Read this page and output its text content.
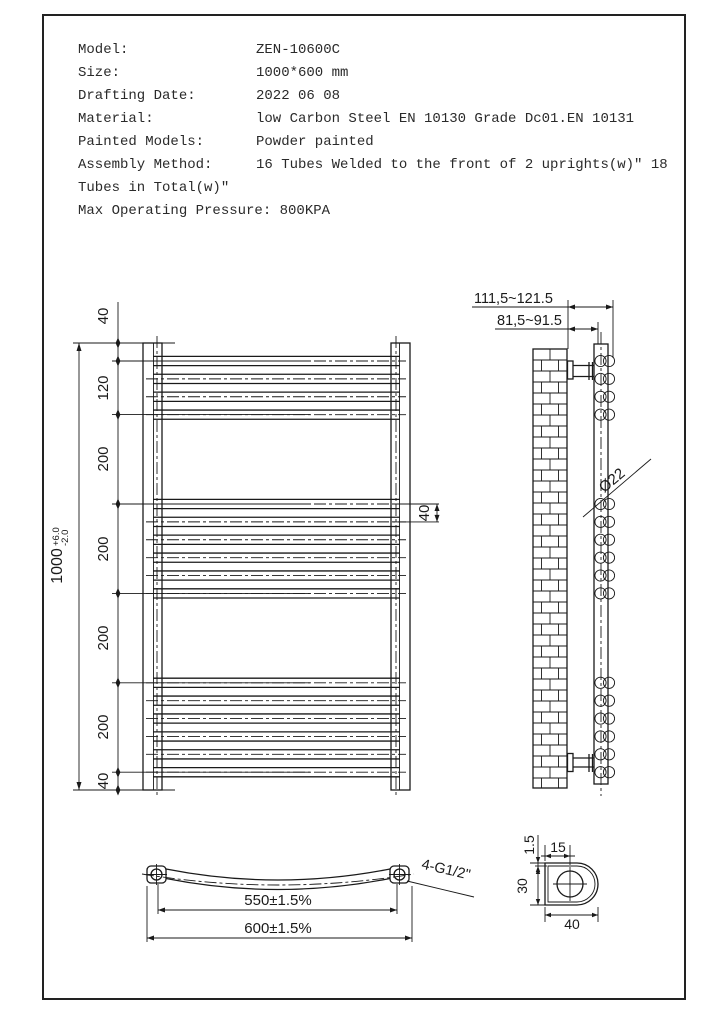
Model:	ZEN-10600C
Size:	1000*600 mm
Drafting Date:	2022 06 08
Material:	low Carbon Steel EN 10130 Grade Dc01.EN 10131
Painted Models:	Powder painted
Assembly Method:	16 Tubes Welded to the front of 2 uprights(w)" 18
Tubes in Total(w)"
Max Operating Pressure: 800KPA
40
120
200
200
200
200
40
1000
+6.0
-2.0
40
111,5~121.5
81,5~91.5
Ø22
550±1.5%
600±1.5%
4-G1/2"
1.5 15
30
40
